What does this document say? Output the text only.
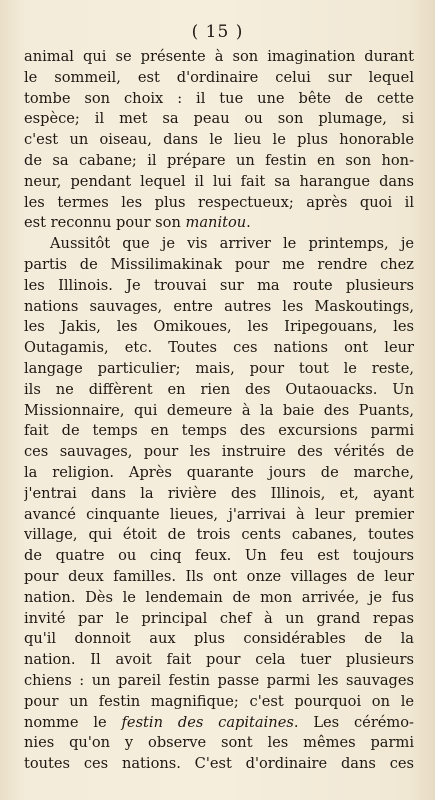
( 15 )
animal qui se présente à son imagination durant
le sommeil, est d'ordinaire celui sur lequel
tombe son choix : il tue une bête de cette
espèce; il met sa peau ou son plumage, si
c'est un oiseau, dans le lieu le plus honorable
de sa cabane; il prépare un festin en son hon-
neur, pendant lequel il lui fait sa harangue dans
les termes les plus respectueux; après quoi il
est reconnu pour son manitou.
Aussitôt que je vis arriver le printemps, je
partis de Missilimakinak pour me rendre chez
les Illinois. Je trouvai sur ma route plusieurs
nations sauvages, entre autres les Maskoutings,
les Jakis, les Omikoues, les Iripegouans, les
Outagamis, etc. Toutes ces nations ont leur
langage particulier; mais, pour tout le reste,
ils ne diffèrent en rien des Outaouacks. Un
Missionnaire, qui demeure à la baie des Puants,
fait de temps en temps des excursions parmi
ces sauvages, pour les instruire des vérités de
la religion. Après quarante jours de marche,
j'entrai dans la rivière des Illinois, et, ayant
avancé cinquante lieues, j'arrivai à leur premier
village, qui étoit de trois cents cabanes, toutes
de quatre ou cinq feux. Un feu est toujours
pour deux familles. Ils ont onze villages de leur
nation. Dès le lendemain de mon arrivée, je fus
invité par le principal chef à un grand repas
qu'il donnoit aux plus considérables de la
nation. Il avoit fait pour cela tuer plusieurs
chiens : un pareil festin passe parmi les sauvages
pour un festin magnifique; c'est pourquoi on le
nomme le festin des capitaines. Les cérémo-
nies qu'on y observe sont les mêmes parmi
toutes ces nations. C'est d'ordinaire dans ces
